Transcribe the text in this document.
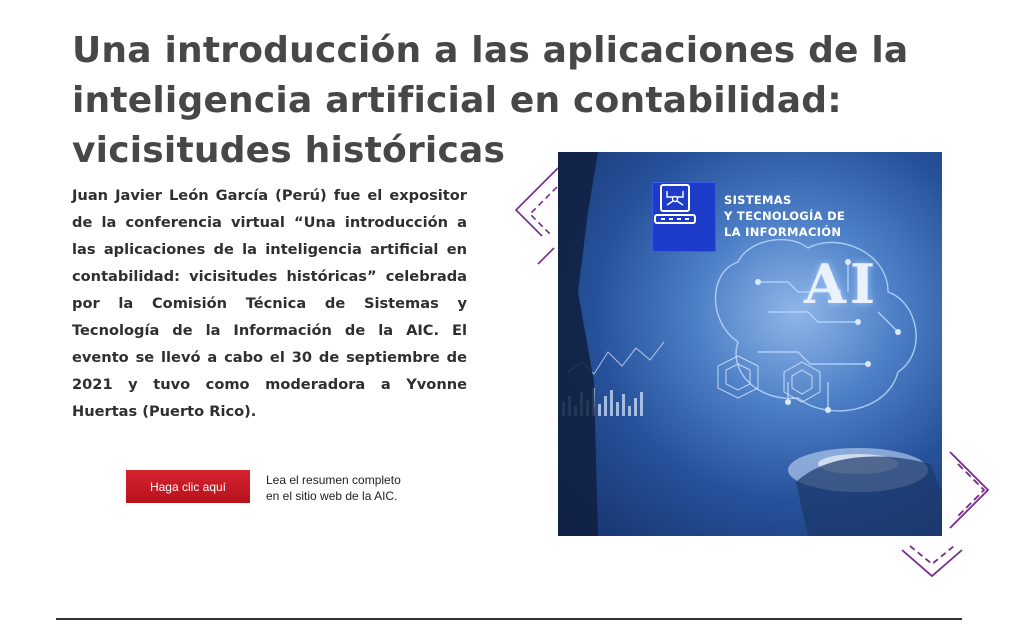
Una introducción a las aplicaciones de la
inteligencia artificial en contabilidad:
vicisitudes históricas
Juan Javier León García (Perú) fue el expositor
de la conferencia virtual “Una introducción a
las aplicaciones de la inteligencia artificial en
contabilidad: vicisitudes históricas” celebrada
por la Comisión Técnica de Sistemas y
Tecnología de la Información de la AIC. El
evento se llevó a cabo el 30 de septiembre de
2021 y tuvo como moderadora a Yvonne
Huertas (Puerto Rico).
Haga clic aquí	Lea el resumen completo
en el sitio web de la AIC.
SISTEMAS
Y TECNOLOGÍA DE
LA INFORMACIÓN
AI
